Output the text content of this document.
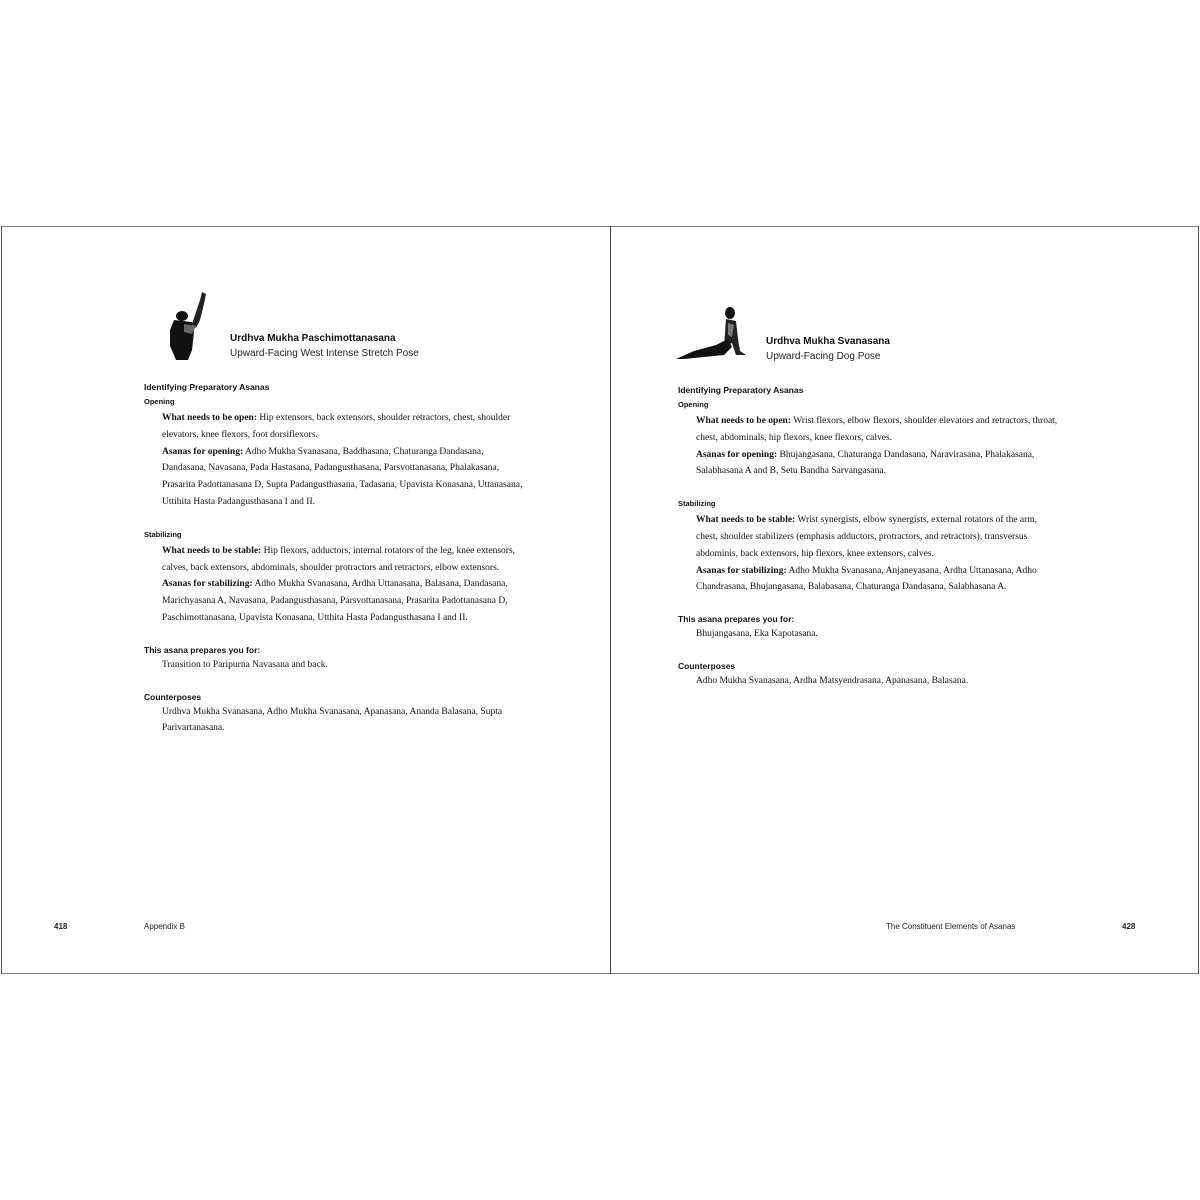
Urdhva Mukha Paschimottanasana
Upward-Facing West Intense Stretch Pose
Identifying Preparatory Asanas
Opening
What needs to be open: Hip extensors, back extensors, shoulder retractors, chest, shoulder elevators, knee flexors, foot dorsiflexors.
Asanas for opening: Adho Mukha Svanasana, Baddhasana, Chaturanga Dandasana, Dandasana, Navasana, Pada Hastasana, Padangusthasana, Parsvottanasana, Phalakasana, Prasarita Padottanasana D, Supta Padangusthasana, Tadasana, Upavista Konasana, Uttanasana, Uttihita Hasta Padangusthasana I and II.
Stabilizing
What needs to be stable: Hip flexors, adductors, internal rotators of the leg, knee extensors, calves, back extensors, abdominals, shoulder protractors and retractors, elbow extensors.
Asanas for stabilizing: Adho Mukha Svanasana, Ardha Uttanasana, Balasana, Dandasana, Marichyasana A, Navasana, Padangusthasana, Parsvottanasana, Prasarita Padottanasana D, Paschimottanasana, Upavista Konasana, Utthita Hasta Padangusthasana I and II.
This asana prepares you for:
Transition to Paripurna Navasana and back.
Counterposes
Urdhva Mukha Svanasana, Adho Mukha Svanasana, Apanasana, Ananda Balasana, Supta Parivartanasana.
418	Appendix B
Urdhva Mukha Svanasana
Upward-Facing Dog Pose
Identifying Preparatory Asanas
Opening
What needs to be open: Wrist flexors, elbow flexors, shoulder elevators and retractors, throat, chest, abdominals, hip flexors, knee flexors, calves.
Asanas for opening: Bhujangasana, Chaturanga Dandasana, Naravirasana, Phalakasana, Salabhasana A and B, Setu Bandha Sarvangasana.
Stabilizing
What needs to be stable: Wrist synergists, elbow synergists, external rotators of the arm, chest, shoulder stabilizers (emphasis adductors, protractors, and retractors), transversus abdominis, back extensors, hip flexors, knee extensors, calves.
Asanas for stabilizing: Adho Mukha Svanasana, Anjaneyasana, Ardha Uttanasana, Adho Chandrasana, Bhujangasana, Balabasana, Chaturanga Dandasana, Salabhasana A.
This asana prepares you for:
Bhujangasana, Eka Kapotasana.
Counterposes
Adho Mukha Svanasana, Ardha Matsyendrasana, Apanasana, Balasana.
The Constituent Elements of Asanas	428
